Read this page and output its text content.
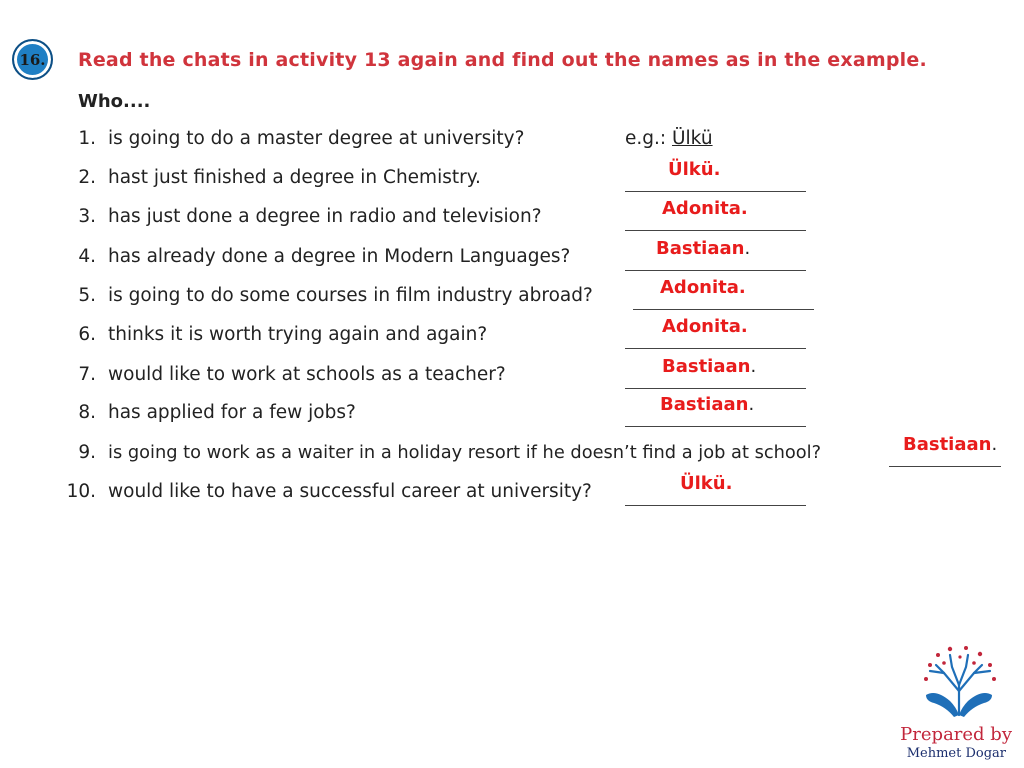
16. Read the chats in activity 13 again and find out the names as in the example.
Who....
1. is going to do a master degree at university?	e.g.: Ülkü
2. hast just finished a degree in Chemistry.	Ülkü.
3. has just done a degree in radio and television?	Adonita.
4. has already done a degree in Modern Languages?	Bastiaan.
5. is going to do some courses in film industry abroad?	Adonita.
6. thinks it is worth trying again and again?	Adonita.
7. would like to work at schools as a teacher?	Bastiaan.
8. has applied for a few jobs?	Bastiaan.
9. is going to work as a waiter in a holiday resort if he doesn’t find a job at school?	Bastiaan.
10. would like to have a successful career at university?	Ülkü.
Prepared by
Mehmet Dogar
